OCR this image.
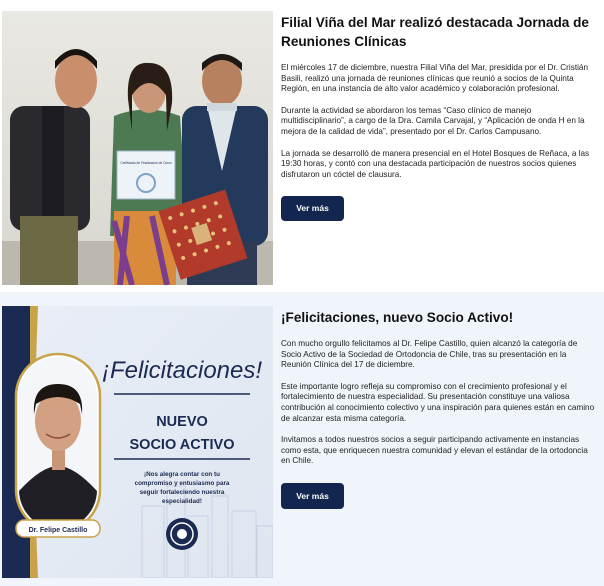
Certificado de Finalización de Curso
Filial Viña del Mar realizó destacada Jornada de Reuniones Clínicas

El miércoles 17 de diciembre, nuestra Filial Viña del Mar, presidida por el Dr. Cristián Basili, realizó una jornada de reuniones clínicas que reunió a socios de la Quinta Región, en una instancia de alto valor académico y colaboración profesional.

Durante la actividad se abordaron los temas “Caso clínico de manejo multidisciplinario”, a cargo de la Dra. Camila Carvajal, y “Aplicación de onda H en la mejora de la calidad de vida”, presentado por el Dr. Carlos Campusano.

La jornada se desarrolló de manera presencial en el Hotel Bosques de Reñaca, a las 19:30 horas, y contó con una destacada participación de nuestros socios quienes disfrutaron un cóctel de clausura.

Ver más
¡Felicitaciones!
NUEVO
SOCIO ACTIVO
¡Nos alegra contar con tu
compromiso y entusiasmo para
seguir fortaleciendo nuestra
especialidad!
Dr. Felipe Castillo
¡Felicitaciones, nuevo Socio Activo!

Con mucho orgullo felicitamos al Dr. Felipe Castillo, quien alcanzó la categoría de Socio Activo de la Sociedad de Ortodoncia de Chile, tras su presentación en la Reunión Clínica del 17 de diciembre.

Este importante logro refleja su compromiso con el crecimiento profesional y el fortalecimiento de nuestra especialidad. Su presentación constituye una valiosa contribución al conocimiento colectivo y una inspiración para quienes están en camino de alcanzar esta misma categoría.

Invitamos a todos nuestros socios a seguir participando activamente en instancias como esta, que enriquecen nuestra comunidad y elevan el estándar de la ortodoncia en Chile.

Ver más
